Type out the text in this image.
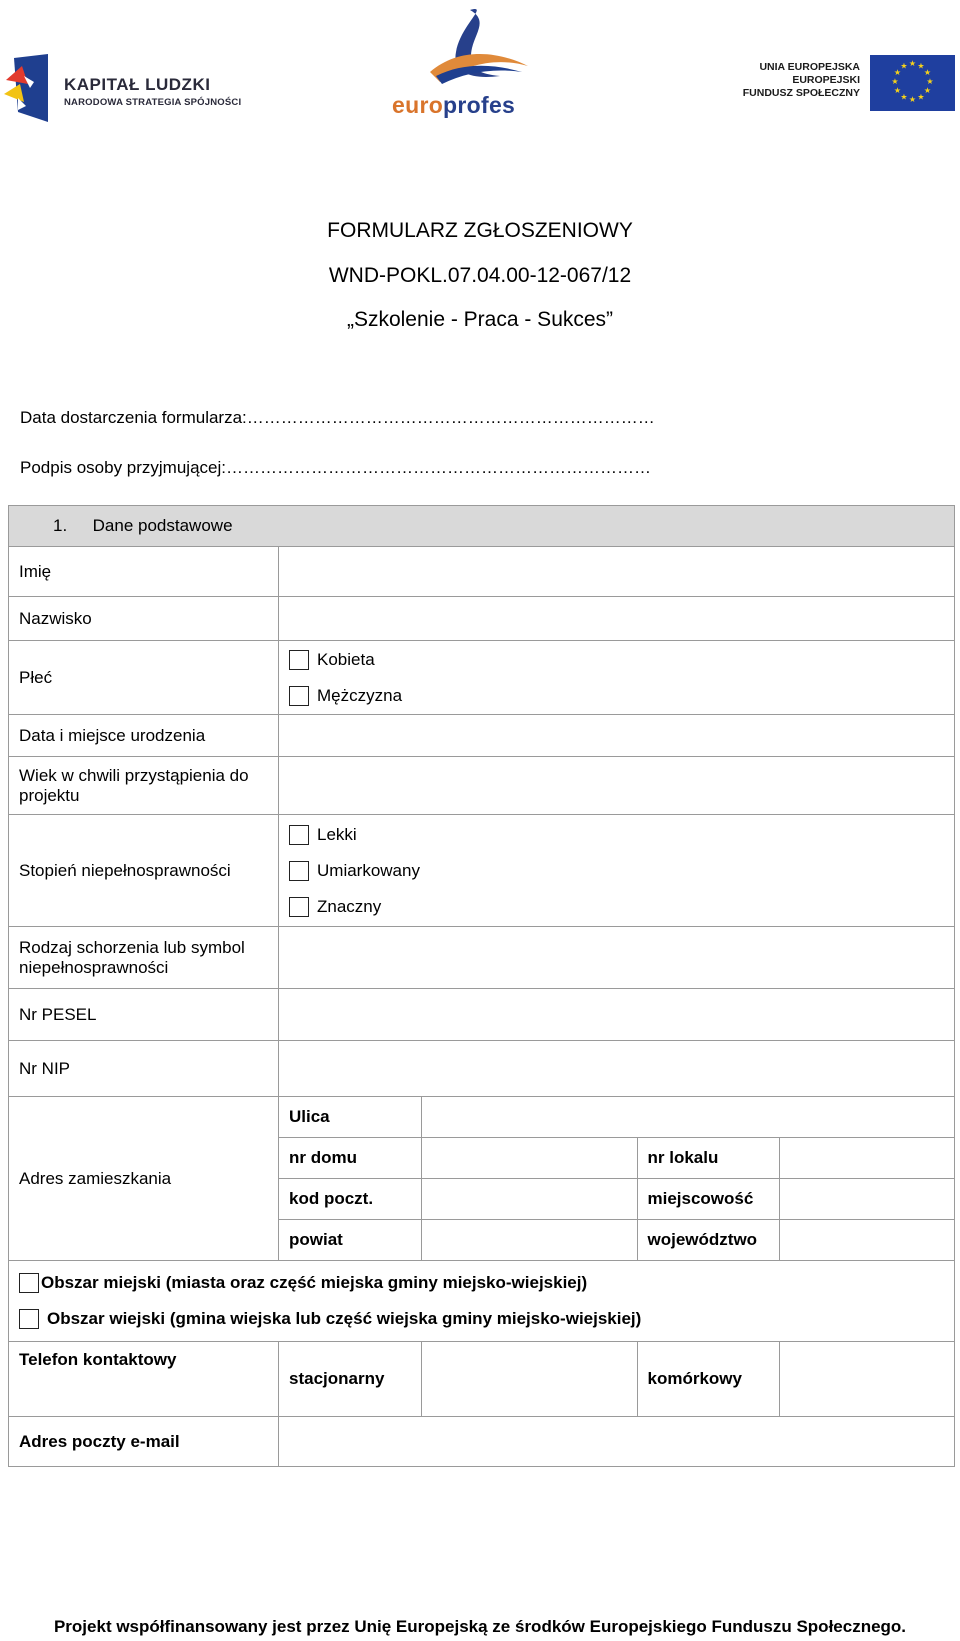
KAPITAŁ LUDZKI
NARODOWA STRATEGIA SPÓJNOŚCI	europrofes
UNIA EUROPEJSKA
EUROPEJSKI
FUNDUSZ SPOŁECZNY
★ ★
★
★
★
★
★
★
★
★
★
★
FORMULARZ ZGŁOSZENIOWY
WND-POKL.07.04.00-12-067/12
„Szkolenie - Praca - Sukces”
Data dostarczenia formularza:………………………………………………………………
Podpis osoby przyjmującej:…………………………………………………………………
1. Dane podstawowe
Imię	
Nazwisko	
Płeć	
Kobieta
Mężczyzna

Data i miejsce urodzenia	
Wiek w chwili przystąpienia do projektu	
Stopień niepełnosprawności	
Lekki
Umiarkowany
Znaczny

Rodzaj schorzenia lub symbol niepełnosprawności	
Nr PESEL	
Nr NIP	
Adres zamieszkania	
Ulica	
nr domu		nr lokalu	
kod poczt.		miejscowość	
powiat		województwo	

Obszar miejski (miasta oraz część miejska gminy miejsko-wiejskiej)
Obszar wiejski (gmina wiejska lub część wiejska gminy miejsko-wiejskiej)

Telefon kontaktowy	
stacjonarny		komórkowy	

Adres poczty e-mail	
Projekt współfinansowany jest przez Unię Europejską ze środków Europejskiego Funduszu Społecznego.
